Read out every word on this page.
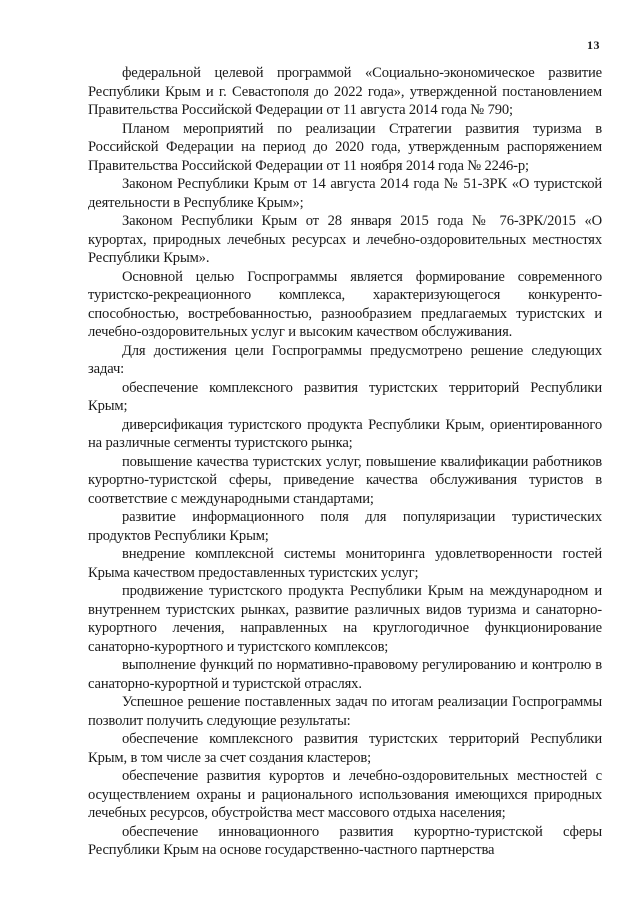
13

федеральной целевой программой «Социально-экономическое развитие Республики Крым и г. Севастополя до 2022 года», утвержденной постановлением Правительства Российской Федерации от 11 августа 2014 года № 790;

Планом мероприятий по реализации Стратегии развития туризма в Российской Федерации на период до 2020 года, утвержденным распоряжением Правительства Российской Федерации от 11 ноября 2014 года № 2246-р;

Законом Республики Крым от 14 августа 2014 года № 51-ЗРК «О туристской деятельности в Республике Крым»;

Законом Республики Крым от 28 января 2015 года № 76-ЗРК/2015 «О курортах, природных лечебных ресурсах и лечебно-оздоровительных местностях Республики Крым».

Основной целью Госпрограммы является формирование современного туристско-рекреационного комплекса, характеризующегося конкуренто-способностью, востребованностью, разнообразием предлагаемых туристских и лечебно-оздоровительных услуг и высоким качеством обслуживания.

Для достижения цели Госпрограммы предусмотрено решение следующих задач:

обеспечение комплексного развития туристских территорий Республики Крым;

диверсификация туристского продукта Республики Крым, ориентированного на различные сегменты туристского рынка;

повышение качества туристских услуг, повышение квалификации работников курортно-туристской сферы, приведение качества обслуживания туристов в соответствие с международными стандартами;

развитие информационного поля для популяризации туристических продуктов Республики Крым;

внедрение комплексной системы мониторинга удовлетворенности гостей Крыма качеством предоставленных туристских услуг;

продвижение туристского продукта Республики Крым на международном и внутреннем туристских рынках, развитие различных видов туризма и санаторно-курортного лечения, направленных на круглогодичное функционирование санаторно-курортного и туристского комплексов;

выполнение функций по нормативно-правовому регулированию и контролю в санаторно-курортной и туристской отраслях.

Успешное решение поставленных задач по итогам реализации Госпрограммы позволит получить следующие результаты:

обеспечение комплексного развития туристских территорий Республики Крым, в том числе за счет создания кластеров;

обеспечение развития курортов и лечебно-оздоровительных местностей с осуществлением охраны и рационального использования имеющихся природных лечебных ресурсов, обустройства мест массового отдыха населения;

обеспечение инновационного развития курортно-туристской сферы Республики Крым на основе государственно-частного партнерства
